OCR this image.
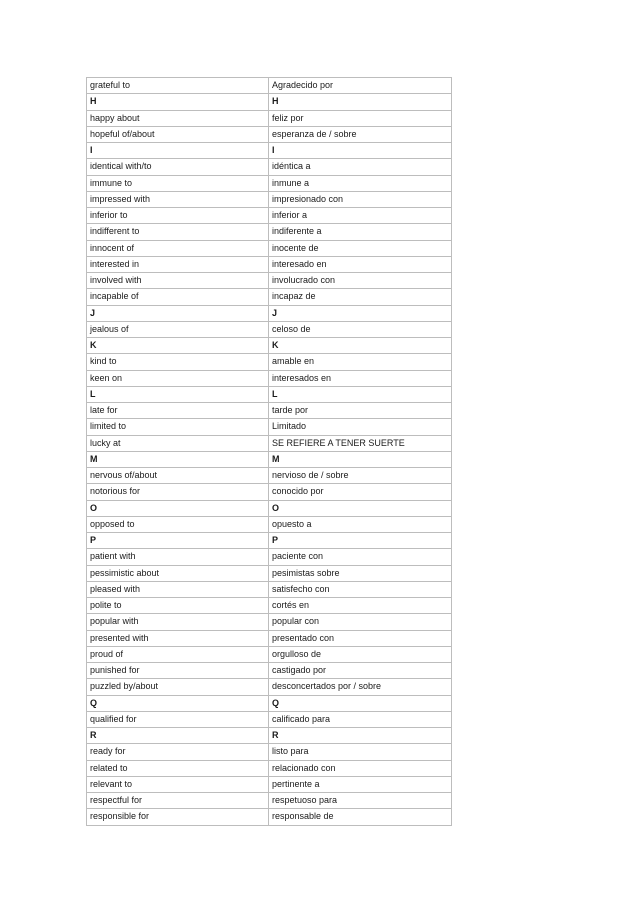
grateful to	Agradecido por
H	H
happy about	feliz por
hopeful of/about	esperanza de / sobre
I	I
identical with/to	idéntica a
immune to	inmune a
impressed with	impresionado con
inferior to	inferior a
indifferent to	indiferente a
innocent of	inocente de
interested in	interesado en
involved with	involucrado con
incapable of	incapaz de
J	J
jealous of	celoso de
K	K
kind to	amable en
keen on	interesados en
L	L
late for	tarde por
limited to	Limitado
lucky at	SE REFIERE A TENER SUERTE
M	M
nervous of/about	nervioso de / sobre
notorious for	conocido por
O	O
opposed to	opuesto a
P	P
patient with	paciente con
pessimistic about	pesimistas sobre
pleased with	satisfecho con
polite to	cortés en
popular with	popular con
presented with	presentado con
proud of	orgulloso de
punished for	castigado por
puzzled by/about	desconcertados por / sobre
Q	Q
qualified for	calificado para
R	R
ready for	listo para
related to	relacionado con
relevant to	pertinente a
respectful for	respetuoso para
responsible for	responsable de
